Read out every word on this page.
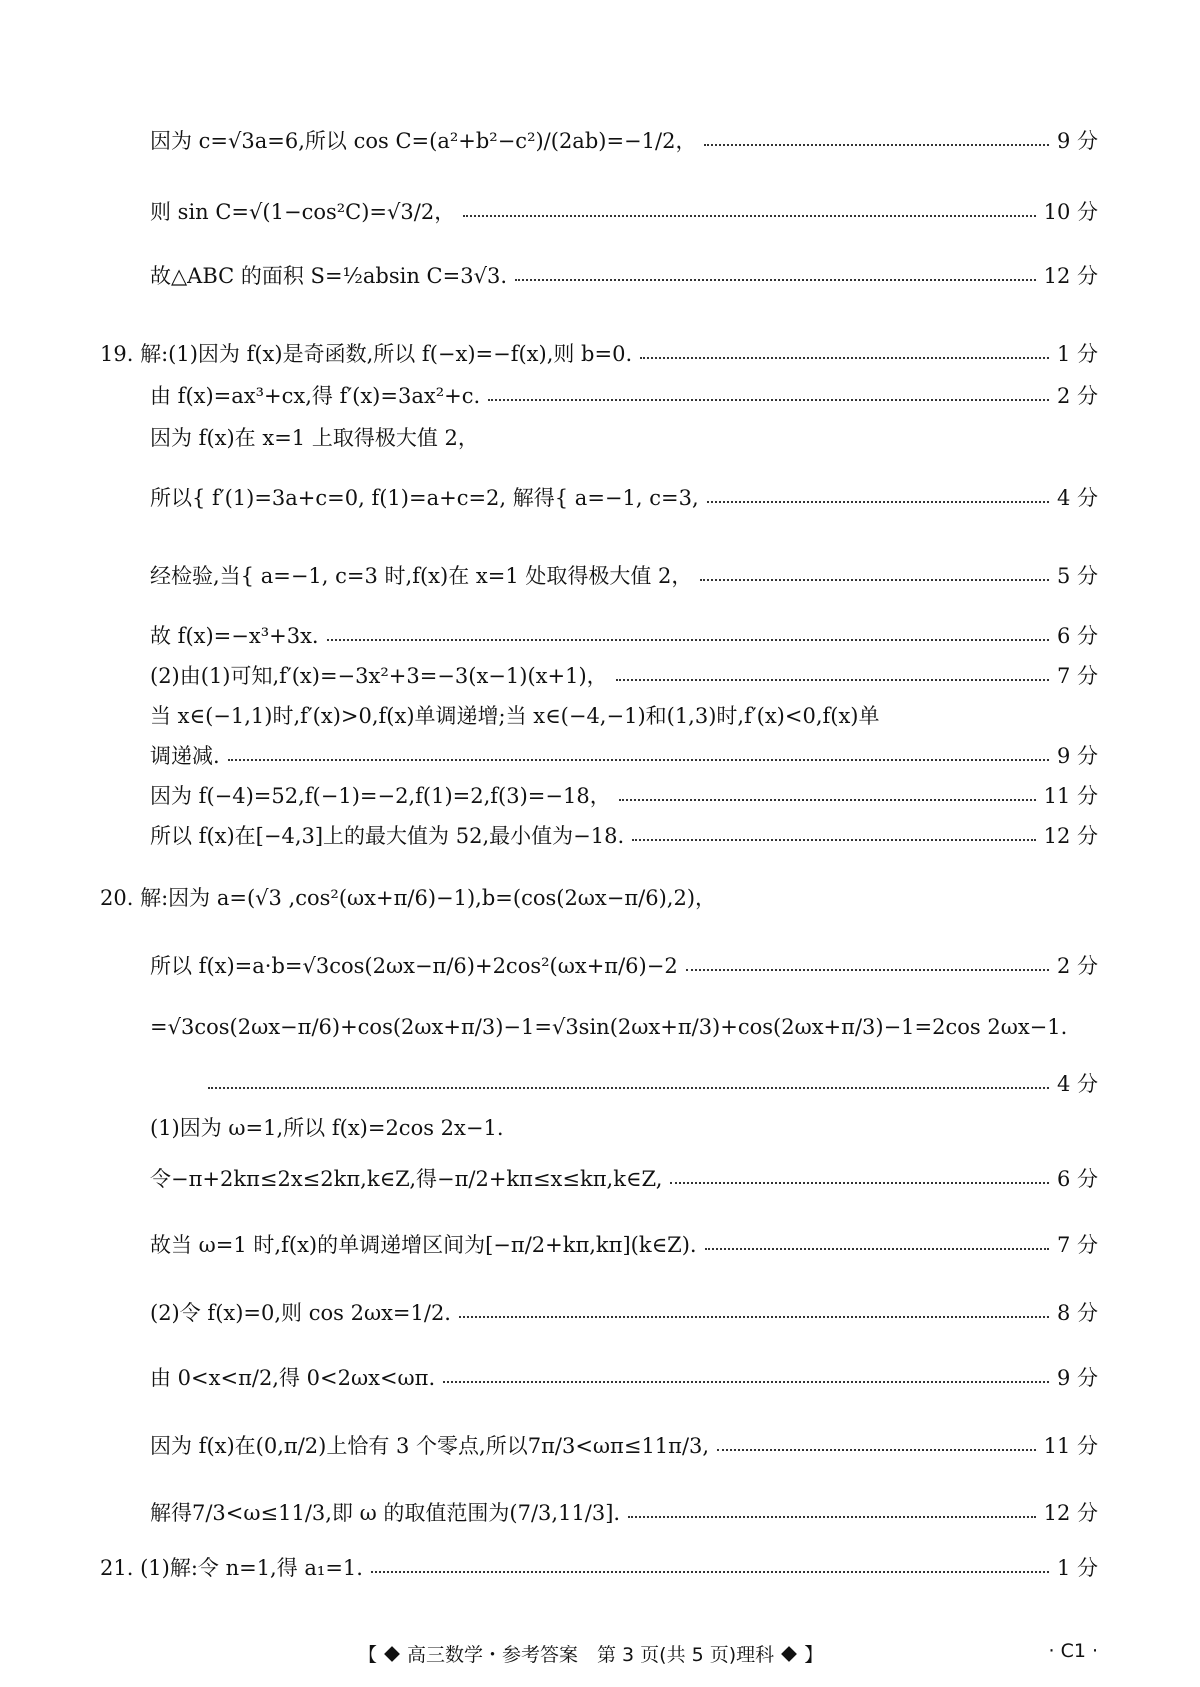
因为 c=√3a=6,所以 cos C=(a²+b²−c²)/(2ab)=−1/2，	9 分
则 sin C=√(1−cos²C)=√3/2，	10 分
故△ABC 的面积 S=½absin C=3√3.	12 分
19. 解:(1)因为 f(x)是奇函数,所以 f(−x)=−f(x),则 b=0.	1 分
由 f(x)=ax³+cx,得 f′(x)=3ax²+c.	2 分
因为 f(x)在 x=1 上取得极大值 2，
所以{ f′(1)=3a+c=0, f(1)=a+c=2, 解得{ a=−1, c=3,	4 分
经检验,当{ a=−1, c=3 时,f(x)在 x=1 处取得极大值 2，	5 分
故 f(x)=−x³+3x.	6 分
(2)由(1)可知,f′(x)=−3x²+3=−3(x−1)(x+1)，	7 分
当 x∈(−1,1)时,f′(x)>0,f(x)单调递增;当 x∈(−4,−1)和(1,3)时,f′(x)<0,f(x)单
调递减.	9 分
因为 f(−4)=52,f(−1)=−2,f(1)=2,f(3)=−18，	11 分
所以 f(x)在[−4,3]上的最大值为 52,最小值为−18.	12 分
20. 解:因为 a=(√3 ,cos²(ωx+π/6)−1),b=(cos(2ωx−π/6),2)，
所以 f(x)=a·b=√3cos(2ωx−π/6)+2cos²(ωx+π/6)−2	2 分
=√3cos(2ωx−π/6)+cos(2ωx+π/3)−1=√3sin(2ωx+π/3)+cos(2ωx+π/3)−1=2cos 2ωx−1.
4 分
(1)因为 ω=1,所以 f(x)=2cos 2x−1.
令−π+2kπ≤2x≤2kπ,k∈Z,得−π/2+kπ≤x≤kπ,k∈Z,	6 分
故当 ω=1 时,f(x)的单调递增区间为[−π/2+kπ,kπ](k∈Z).	7 分
(2)令 f(x)=0,则 cos 2ωx=1/2.	8 分
由 0<x<π/2,得 0<2ωx<ωπ.	9 分
因为 f(x)在(0,π/2)上恰有 3 个零点,所以7π/3<ωπ≤11π/3,	11 分
解得7/3<ω≤11/3,即 ω 的取值范围为(7/3,11/3].	12 分
21. (1)解:令 n=1,得 a₁=1.	1 分
【 高三数学・参考答案　第 3 页(共 5 页)理科 】	· C1 ·
